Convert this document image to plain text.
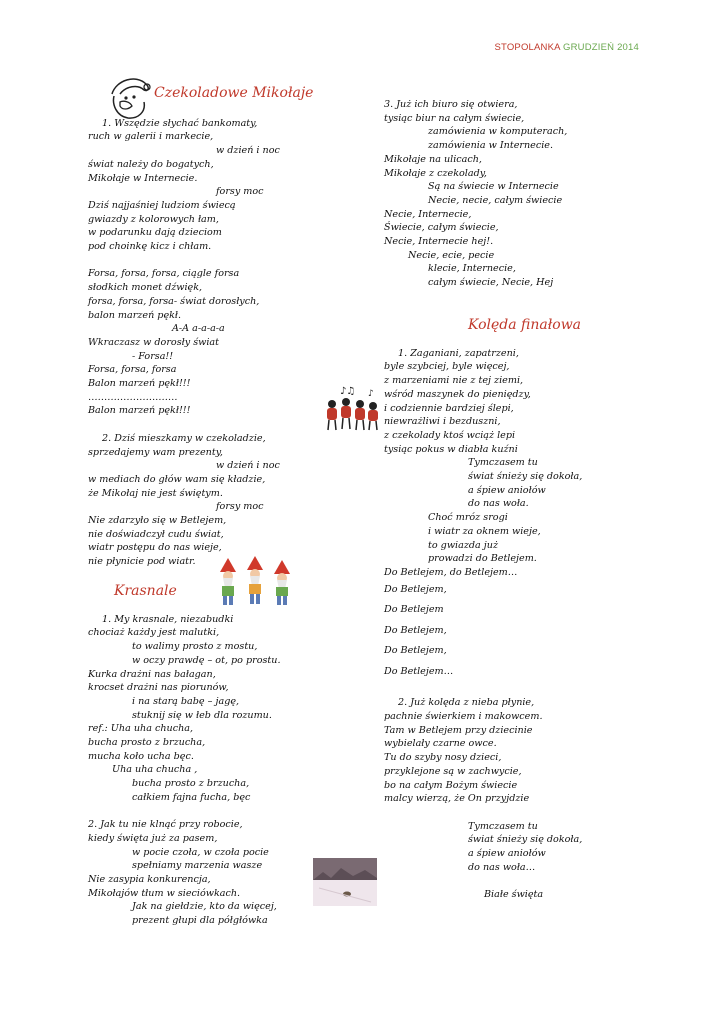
STOPOLANKA GRUDZIEŃ 2014
Czekoladowe Mikołaje
1. Wszędzie słychać bankomaty,
ruch w galerii i markecie,
w dzień i noc
świat należy do bogatych,
Mikołaje w Internecie.
forsy moc
Dziś najjaśniej ludziom świecą
gwiazdy z kolorowych łam,
w podarunku dają dzieciom
pod choinkę kicz i chłam.
Forsa, forsa, forsa, ciągle forsa
słodkich monet dźwięk,
forsa, forsa, forsa- świat dorosłych,
balon marzeń pękł.
A-A a-a-a-a
Wkraczasz w dorosły świat
- Forsa!!
Forsa, forsa, forsa
Balon marzeń pękł!!!
……………………….
Balon marzeń pękł!!!
2. Dziś mieszkamy w czekoladzie,
sprzedajemy wam prezenty,
w dzień i noc
w mediach do głów wam się kładzie,
że Mikołaj nie jest świętym.
forsy moc
Nie zdarzyło się w Betlejem,
nie doświadczył cudu świat,
wiatr postępu do nas wieje,
nie płynicie pod wiatr.
Krasnale
1. My krasnale, niezabudki
chociaż każdy jest malutki,
to walimy prosto z mostu,
w oczy prawdę – ot, po prostu.
Kurka drażni nas bałagan,
krocset drażni nas piorunów,
i na starą babę – jagę,
stuknij się w łeb dla rozumu.
ref.: Uha uha chucha,
bucha prosto z brzucha,
mucha koło ucha bęc.
Uha uha chucha ,
bucha prosto z brzucha,
całkiem fajna fucha, bęc
2. Jak tu nie klnąć przy robocie,
kiedy święta już za pasem,
w pocie czoła, w czoła pocie
spełniamy marzenia wasze
Nie zasypia konkurencja,
Mikołajów tłum w sieciówkach.
Jak na giełdzie, kto da więcej,
prezent głupi dla półgłówka
3. Już ich biuro się otwiera,
tysiąc biur na całym świecie,
zamówienia w komputerach,
zamówienia w Internecie.
Mikołaje na ulicach,
Mikołaje z czekolady,
Są na świecie w Internecie
Necie, necie, całym świecie
Necie, Internecie,
Świecie, całym świecie,
Necie, Internecie hej!.
Necie, ecie, pecie
klecie, Internecie,
całym świecie, Necie, Hej
♪♫ ♪
Kolęda finałowa
1. Zaganiani, zapatrzeni,
byle szybciej, byle więcej,
z marzeniami nie z tej ziemi,
wśród maszynek do pieniędzy,
i codziennie bardziej ślepi,
niewrażliwi i bezduszni,
z czekolady ktoś wciąż lepi
tysiąc pokus w diabła kuźni
Tymczasem tu
świat śnieży się dokoła,
a śpiew aniołów
do nas woła.
Choć mróz srogi
i wiatr za oknem wieje,
to gwiazda już
prowadzi do Betlejem.
Do Betlejem, do Betlejem…
Do Betlejem,
Do Betlejem
Do Betlejem,
Do Betlejem,
Do Betlejem…
2. Już kolęda z nieba płynie,
pachnie świerkiem i makowcem.
Tam w Betlejem przy dziecinie
wybielały czarne owce.
Tu do szyby nosy dzieci,
przyklejone są w zachwycie,
bo na całym Bożym świecie
malcy wierzą, że On przyjdzie
Tymczasem tu
świat śnieży się dokoła,
a śpiew aniołów
do nas woła…
Białe święta
